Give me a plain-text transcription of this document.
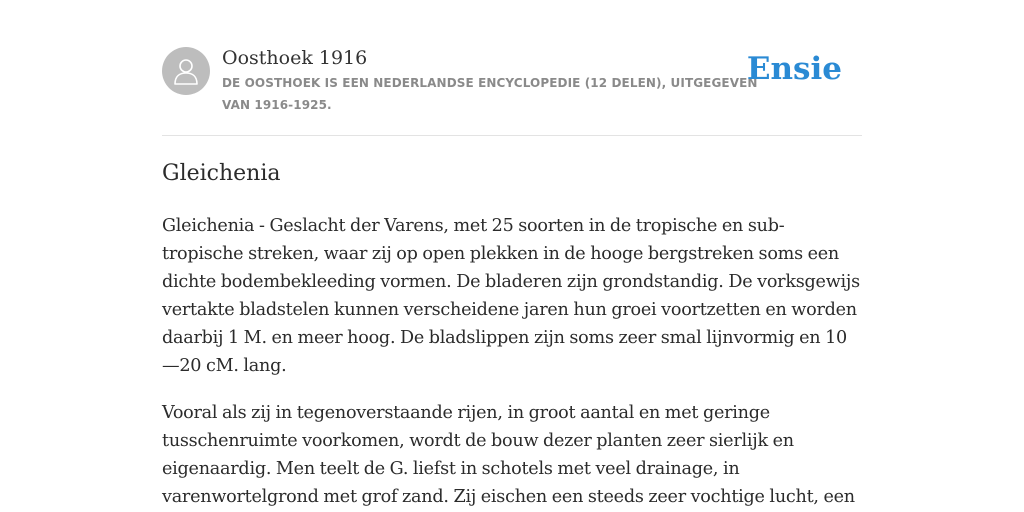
Oosthoek 1916
DE OOSTHOEK IS EEN NEDERLANDSE ENCYCLOPEDIE (12 DELEN), UITGEGEVEN VAN 1916-1925.
Ensie
Gleichenia

Gleichenia - Geslacht der Varens, met 25 soorten in de tropische en sub-tropische streken, waar zij op open plekken in de hooge bergstreken soms een dichte bodembekleeding vormen. De bladeren zijn grondstandig. De vorksgewijs vertakte bladstelen kunnen verscheidene jaren hun groei voortzetten en worden daarbij 1 M. en meer hoog. De bladslippen zijn soms zeer smal lijnvormig en 10—20 cM. lang.

Vooral als zij in tegenoverstaande rijen, in groot aantal en met geringe tusschenruimte voorkomen, wordt de bouw dezer planten zeer sierlijk en eigenaardig. Men teelt de G. liefst in schotels met veel drainage, in varenwortelgrond met grof zand. Zij eischen een steeds zeer vochtige lucht, een
